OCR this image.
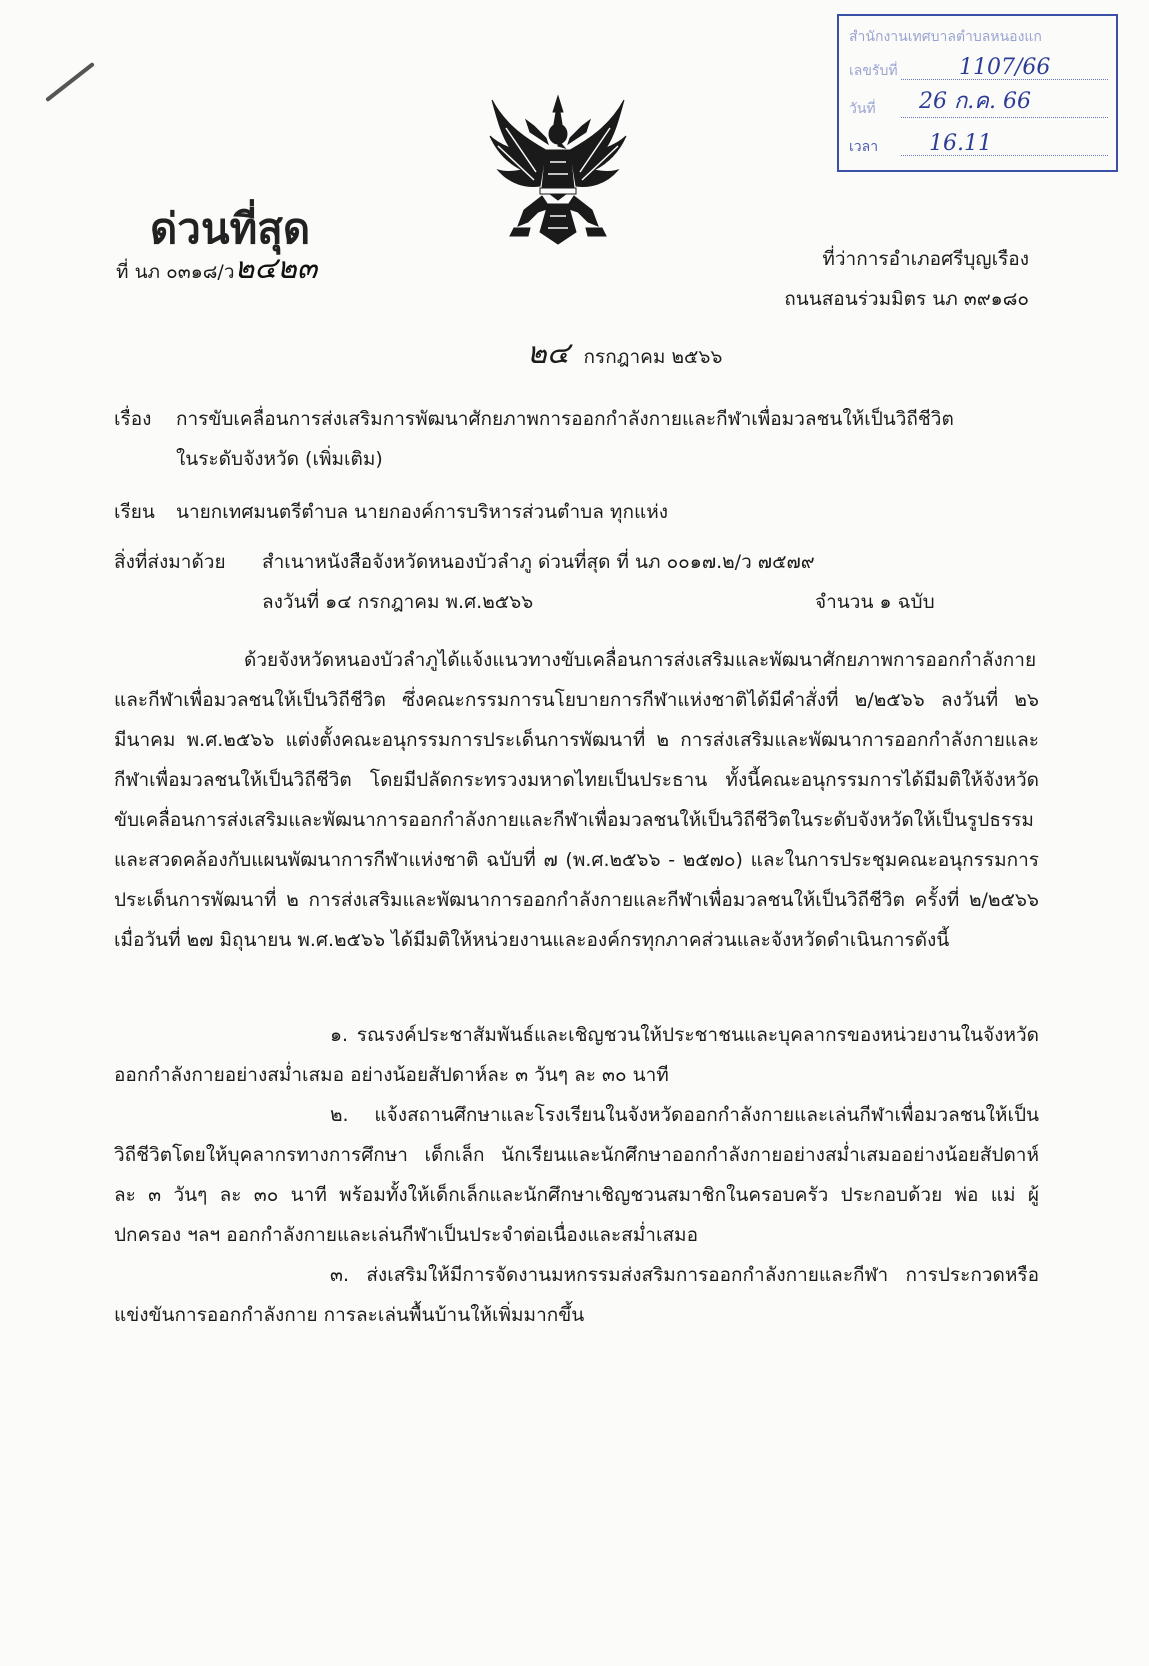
สำนักงานเทศบาลตำบลหนองแก
เลขรับที่	1107/66
วันที่ 26 ก.ค. 66
เวลา 16.11
ด่วนที่สุด
ที่ นภ ๐๓๑๘/ว๒๔๒๓	ที่ว่าการอำเภอศรีบุญเรือง
ถนนสอนร่วมมิตร นภ ๓๙๑๘๐
๒๔ กรกฎาคม ๒๕๖๖
เรื่อง การขับเคลื่อนการส่งเสริมการพัฒนาศักยภาพการออกกำลังกายและกีฬาเพื่อมวลชนให้เป็นวิถีชีวิต
ในระดับจังหวัด (เพิ่มเติม)
เรียน นายกเทศมนตรีตำบล นายกองค์การบริหารส่วนตำบล ทุกแห่ง
สิ่งที่ส่งมาด้วย สำเนาหนังสือจังหวัดหนองบัวลำภู ด่วนที่สุด ที่ นภ ๐๐๑๗.๒/ว ๗๕๗๙
ลงวันที่ ๑๔ กรกฎาคม พ.ศ.๒๕๖๖	จำนวน ๑ ฉบับ
ด้วยจังหวัดหนองบัวลำภูได้แจ้งแนวทางขับเคลื่อนการส่งเสริมและพัฒนาศักยภาพการออกกำลังกายและกีฬาเพื่อมวลชนให้เป็นวิถีชีวิต ซึ่งคณะกรรมการนโยบายการกีฬาแห่งชาติได้มีคำสั่งที่ ๒/๒๕๖๖ ลงวันที่ ๒๖ มีนาคม พ.ศ.๒๕๖๖ แต่งตั้งคณะอนุกรรมการประเด็นการพัฒนาที่ ๒ การส่งเสริมและพัฒนาการออกกำลังกายและกีฬาเพื่อมวลชนให้เป็นวิถีชีวิต โดยมีปลัดกระทรวงมหาดไทยเป็นประธาน ทั้งนี้คณะอนุกรรมการได้มีมติให้จังหวัดขับเคลื่อนการส่งเสริมและพัฒนาการออกกำลังกายและกีฬาเพื่อมวลชนให้เป็นวิถีชีวิตในระดับจังหวัดให้เป็นรูปธรรมและสวดคล้องกับแผนพัฒนาการกีฬาแห่งชาติ ฉบับที่ ๗ (พ.ศ.๒๕๖๖ - ๒๕๗๐) และในการประชุมคณะอนุกรรมการประเด็นการพัฒนาที่ ๒ การส่งเสริมและพัฒนาการออกกำลังกายและกีฬาเพื่อมวลชนให้เป็นวิถีชีวิต ครั้งที่ ๒/๒๕๖๖ เมื่อวันที่ ๒๗ มิถุนายน พ.ศ.๒๕๖๖ ได้มีมติให้หน่วยงานและองค์กรทุกภาคส่วนและจังหวัดดำเนินการดังนี้
๑. รณรงค์ประชาสัมพันธ์และเชิญชวนให้ประชาชนและบุคลากรของหน่วยงานในจังหวัดออกกำลังกายอย่างสม่ำเสมอ อย่างน้อยสัปดาห์ละ ๓ วันๆ ละ ๓๐ นาที
๒. แจ้งสถานศึกษาและโรงเรียนในจังหวัดออกกำลังกายและเล่นกีฬาเพื่อมวลชนให้เป็นวิถีชีวิตโดยให้บุคลากรทางการศึกษา เด็กเล็ก นักเรียนและนักศึกษาออกกำลังกายอย่างสม่ำเสมออย่างน้อยสัปดาห์ละ ๓ วันๆ ละ ๓๐ นาที พร้อมทั้งให้เด็กเล็กและนักศึกษาเชิญชวนสมาชิกในครอบครัว ประกอบด้วย พ่อ แม่ ผู้ปกครอง ฯลฯ ออกกำลังกายและเล่นกีฬาเป็นประจำต่อเนื่องและสม่ำเสมอ
๓. ส่งเสริมให้มีการจัดงานมหกรรมส่งสริมการออกกำลังกายและกีฬา การประกวดหรือแข่งขันการออกกำลังกาย การละเล่นพื้นบ้านให้เพิ่มมากขึ้น
